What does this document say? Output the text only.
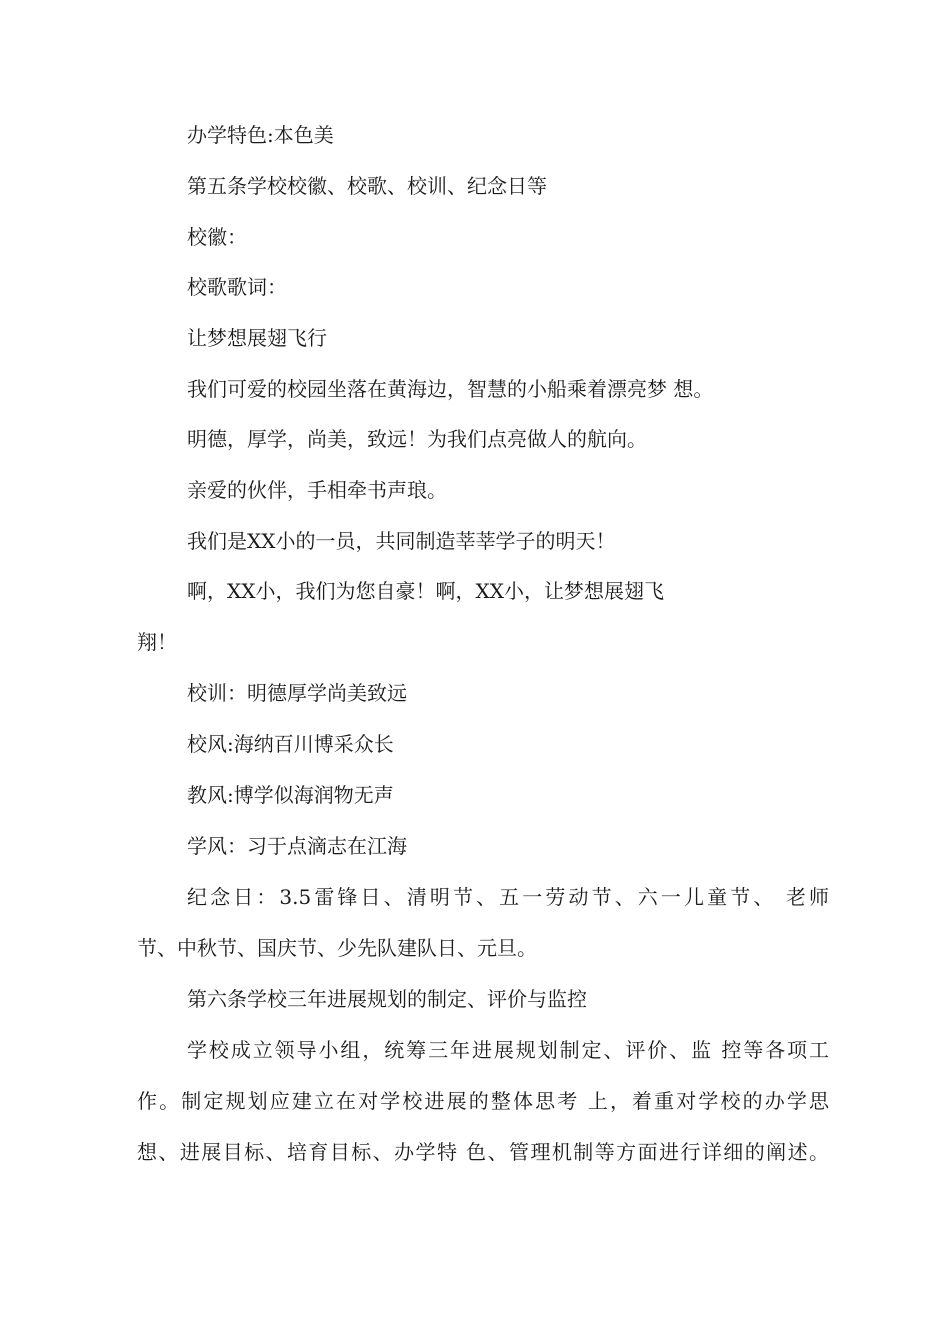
办学特色:本色美
第五条学校校徽、校歌、校训、纪念日等
校徽：
校歌歌词：
让梦想展翅飞行
我们可爱的校园坐落在黄海边，智慧的小船乘着漂亮梦 想。
明德，厚学，尚美，致远！为我们点亮做人的航向。
亲爱的伙伴，手相牵书声琅。
我们是XX小的一员，共同制造莘莘学子的明天！
啊，XX小，我们为您自豪！啊，XX小，让梦想展翅飞
翔！
校训：明德厚学尚美致远
校风:海纳百川博采众长
教风:博学似海润物无声
学风：习于点滴志在江海
纪念日：3.5雷锋日、清明节、五一劳动节、六一儿童节、 老师
节、中秋节、国庆节、少先队建队日、元旦。
第六条学校三年进展规划的制定、评价与监控
学校成立领导小组，统筹三年进展规划制定、评价、监 控等各项工
作。制定规划应建立在对学校进展的整体思考 上，着重对学校的办学思
想、进展目标、培育目标、办学特 色、管理机制等方面进行详细的阐述。
